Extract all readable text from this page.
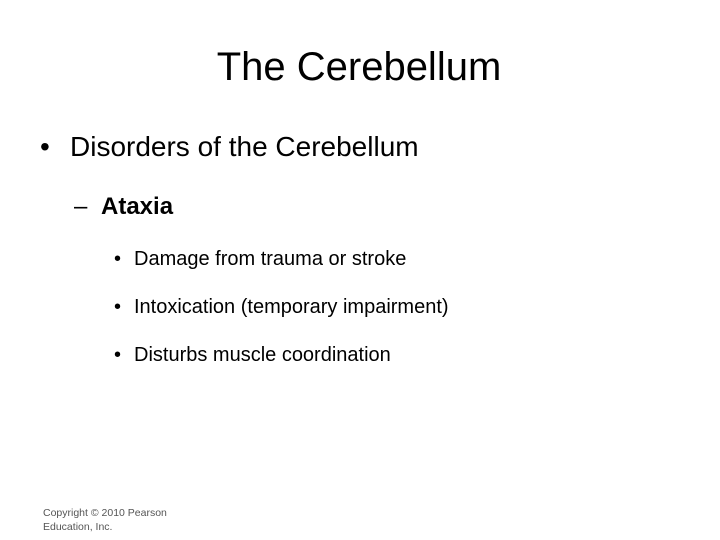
The Cerebellum
• Disorders of the Cerebellum
– Ataxia
• Damage from trauma or stroke
• Intoxication (temporary impairment)
• Disturbs muscle coordination
Copyright © 2010 Pearson
Education, Inc.
